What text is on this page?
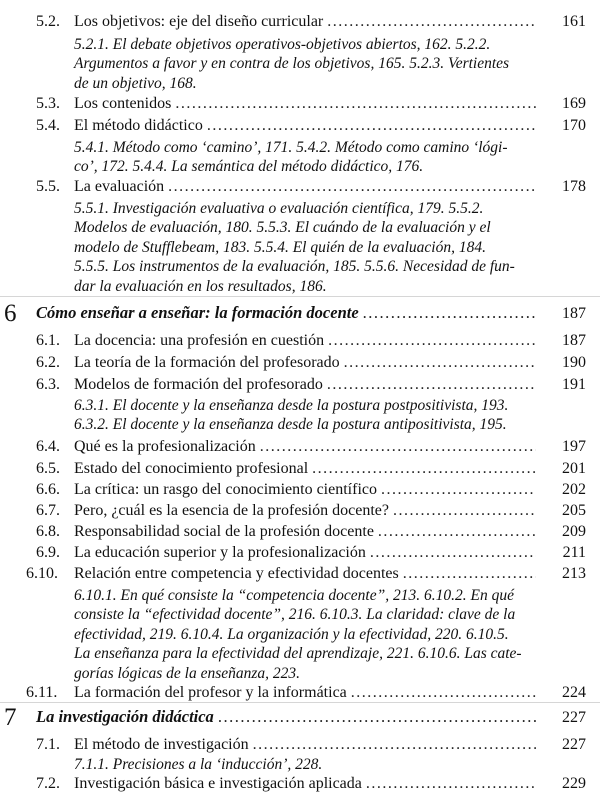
5.2. Los objetivos: eje del diseño curricular .....	161
5.2.1. El debate objetivos operativos-objetivos abiertos, 162. 5.2.2.
Argumentos a favor y en contra de los objetivos, 165. 5.2.3. Vertientes
de un objetivo, 168.
5.3. Los contenidos .....	169
5.4. El método didáctico .....	170
5.4.1. Método como ‘camino’, 171. 5.4.2. Método como camino ‘lógi-
co’, 172. 5.4.4. La semántica del método didáctico, 176.
5.5. La evaluación .....	178
5.5.1. Investigación evaluativa o evaluación científica, 179. 5.5.2.
Modelos de evaluación, 180. 5.5.3. El cuándo de la evaluación y el
modelo de Stufflebeam, 183. 5.5.4. El quién de la evaluación, 184.
5.5.5. Los instrumentos de la evaluación, 185. 5.5.6. Necesidad de fun-
dar la evaluación en los resultados, 186.
6 Cómo enseñar a enseñar: la formación docente .....	187
6.1. La docencia: una profesión en cuestión .....	187
6.2. La teoría de la formación del profesorado .....	190
6.3. Modelos de formación del profesorado .....	191
6.3.1. El docente y la enseñanza desde la postura postpositivista, 193.
6.3.2. El docente y la enseñanza desde la postura antipositivista, 195.
6.4. Qué es la profesionalización .....	197
6.5. Estado del conocimiento profesional .....	201
6.6. La crítica: un rasgo del conocimiento científico .....	202
6.7. Pero, ¿cuál es la esencia de la profesión docente? .....	205
6.8. Responsabilidad social de la profesión docente .....	209
6.9. La educación superior y la profesionalización .....	211
6.10. Relación entre competencia y efectividad docentes .....	213
6.10.1. En qué consiste la “competencia docente”, 213. 6.10.2. En qué
consiste la “efectividad docente”, 216. 6.10.3. La claridad: clave de la
efectividad, 219. 6.10.4. La organización y la efectividad, 220. 6.10.5.
La enseñanza para la efectividad del aprendizaje, 221. 6.10.6. Las cate-
gorías lógicas de la enseñanza, 223.
6.11. La formación del profesor y la informática .....	224
7 La investigación didáctica .....	227
7.1. El método de investigación .....	227
7.1.1. Precisiones a la ‘inducción’, 228.
7.2. Investigación básica e investigación aplicada .....	229
